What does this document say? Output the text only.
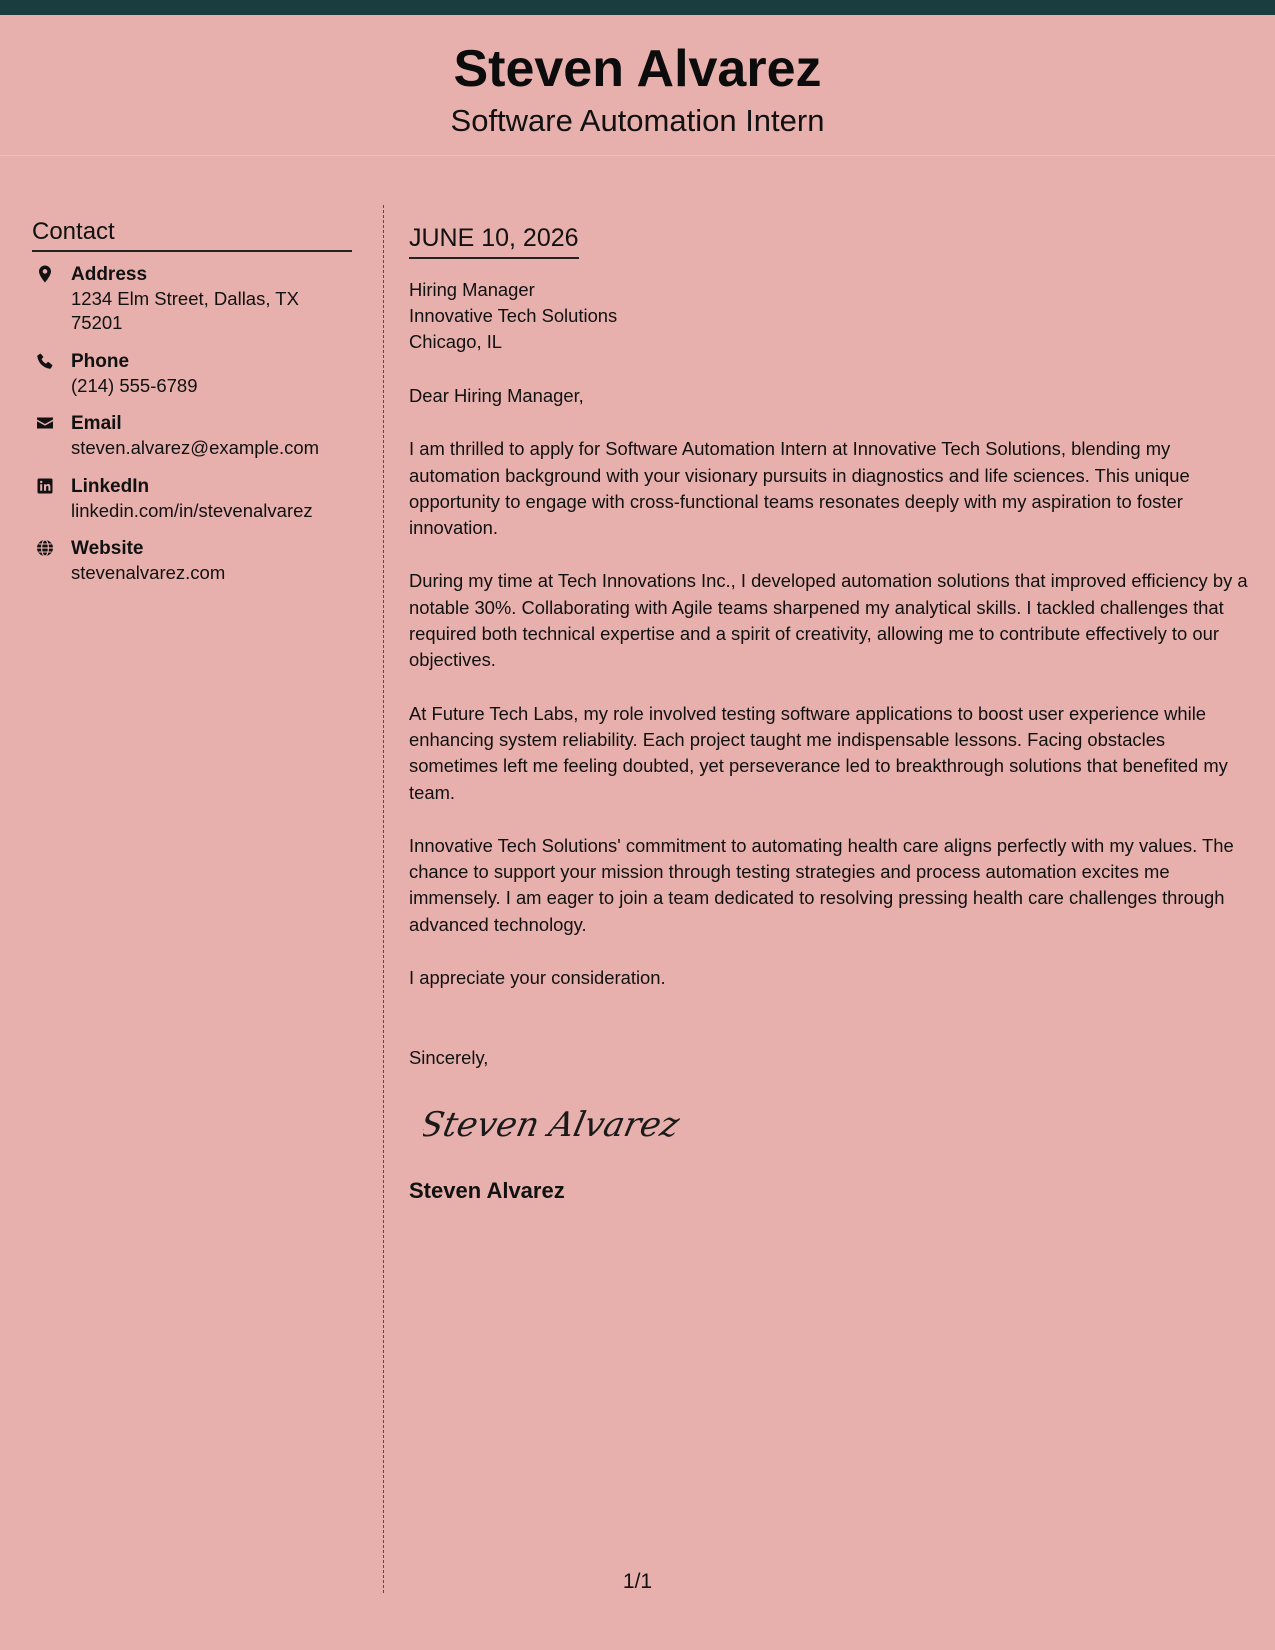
Steven Alvarez
Software Automation Intern
Contact
Address
1234 Elm Street, Dallas, TX 75201
Phone
(214) 555-6789
Email
steven.alvarez@example.com
LinkedIn
linkedin.com/in/stevenalvarez
Website
stevenalvarez.com
JUNE 10, 2026
Hiring Manager
Innovative Tech Solutions
Chicago, IL
Dear Hiring Manager,

I am thrilled to apply for Software Automation Intern at Innovative Tech Solutions, blending my automation background with your visionary pursuits in diagnostics and life sciences. This unique opportunity to engage with cross-functional teams resonates deeply with my aspiration to foster innovation.

During my time at Tech Innovations Inc., I developed automation solutions that improved efficiency by a notable 30%. Collaborating with Agile teams sharpened my analytical skills. I tackled challenges that required both technical expertise and a spirit of creativity, allowing me to contribute effectively to our objectives.

At Future Tech Labs, my role involved testing software applications to boost user experience while enhancing system reliability. Each project taught me indispensable lessons. Facing obstacles sometimes left me feeling doubted, yet perseverance led to breakthrough solutions that benefited my team.

Innovative Tech Solutions' commitment to automating health care aligns perfectly with my values. The chance to support your mission through testing strategies and process automation excites me immensely. I am eager to join a team dedicated to resolving pressing health care challenges through advanced technology.

I appreciate your consideration.

Sincerely,
Steven Alvarez
Steven Alvarez
1/1
